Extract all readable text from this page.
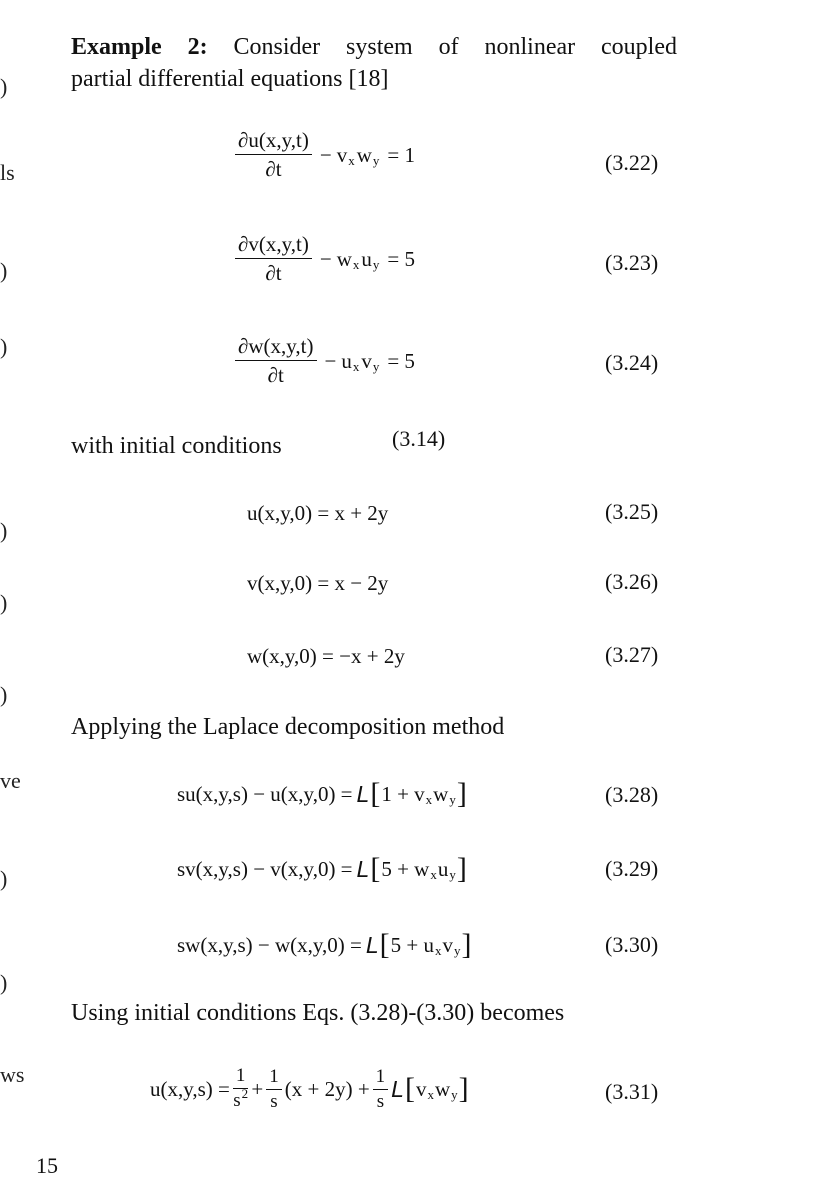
)
ls
)
)
)
)
)
ve
)
)
ws
Example 2: Consider system of nonlinear coupled
partial differential equations [18]
$\frac{\partial u(x,y,t)}{\partial t} - v$ x w y = 1	(3.22)
$\frac{\partial v(x,y,t)}{\partial t} - w$ x u y = 5	(3.23)
$\frac{\partial w(x,y,t)}{\partial t} - u$ x v y = 5	(3.24)
with initial conditions	(3.14)
u(x,y,0) = x + 2y	(3.25)
v(x,y,0) = x − 2y	(3.26)
w(x,y,0) = −x + 2y	(3.27)
Applying the Laplace decomposition method
su(x,y,s) − u(x,y,0) = L [ 1 + v x w y ]	(3.28)
sv(x,y,s) − v(x,y,0) = L [ 5 + w x u y ]	(3.29)
sw(x,y,s) − w(x,y,0) = L [ 5 + u x v y ]	(3.30)
Using initial conditions Eqs. (3.28)-(3.30) becomes
$u(x,y,s) = \frac{1}{s^2} + \frac{1}{s} (x + 2y) + \frac{1}{s}$ L [ v x w y ]	(3.31)
15
